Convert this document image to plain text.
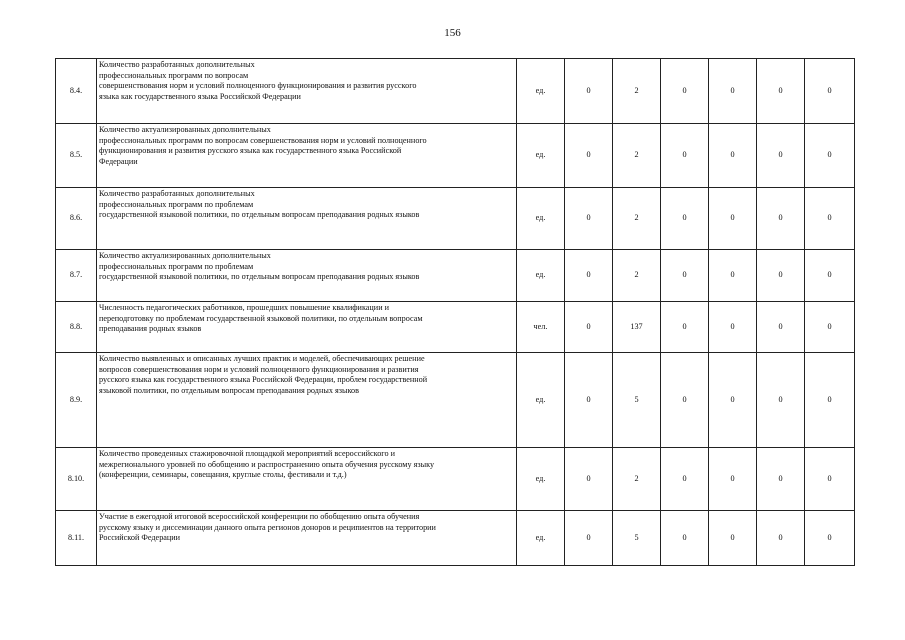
156
8.4.	Количество разработанных дополнительных
профессиональных программ по вопросам
совершенствования норм и условий полноценного функционирования и развития русского
языка как государственного языка Российской Федерации	ед.	0	2	0	0	0	0
8.5.	Количество актуализированных дополнительных
профессиональных программ по вопросам совершенствования норм и условий полноценного
функционирования и развития русского языка как государственного языка Российской
Федерации	ед.	0	2	0	0	0	0
8.6.	Количество разработанных дополнительных
профессиональных программ по проблемам
государственной языковой политики, по отдельным вопросам преподавания родных языков	ед.	0	2	0	0	0	0
8.7.	Количество актуализированных дополнительных
профессиональных программ по проблемам
государственной языковой политики, по отдельным вопросам преподавания родных языков	ед.	0	2	0	0	0	0
8.8.	Численность педагогических работников, прошедших повышение квалификации и
переподготовку по проблемам государственной языковой политики, по отдельным вопросам
преподавания родных языков	чел.	0	137	0	0	0	0
8.9.	Количество выявленных и описанных лучших практик и моделей, обеспечивающих решение
вопросов совершенствования норм и условий полноценного функционирования и развития
русского языка как государственного языка Российской Федерации, проблем государственной
языковой политики, по отдельным вопросам преподавания родных языков	ед.	0	5	0	0	0	0
8.10.	Количество проведенных стажировочной площадкой мероприятий всероссийского и
межрегионального уровней по обобщению и распространению опыта обучения русскому языку
(конференции, семинары, совещания, круглые столы, фестивали и т.д.)	ед.	0	2	0	0	0	0
8.11.	Участие в ежегодной итоговой всероссийской конференции по обобщению опыта обучения
русскому языку и диссеминации данного опыта регионов доноров и реципиентов на территории
Российской Федерации	ед.	0	5	0	0	0	0
